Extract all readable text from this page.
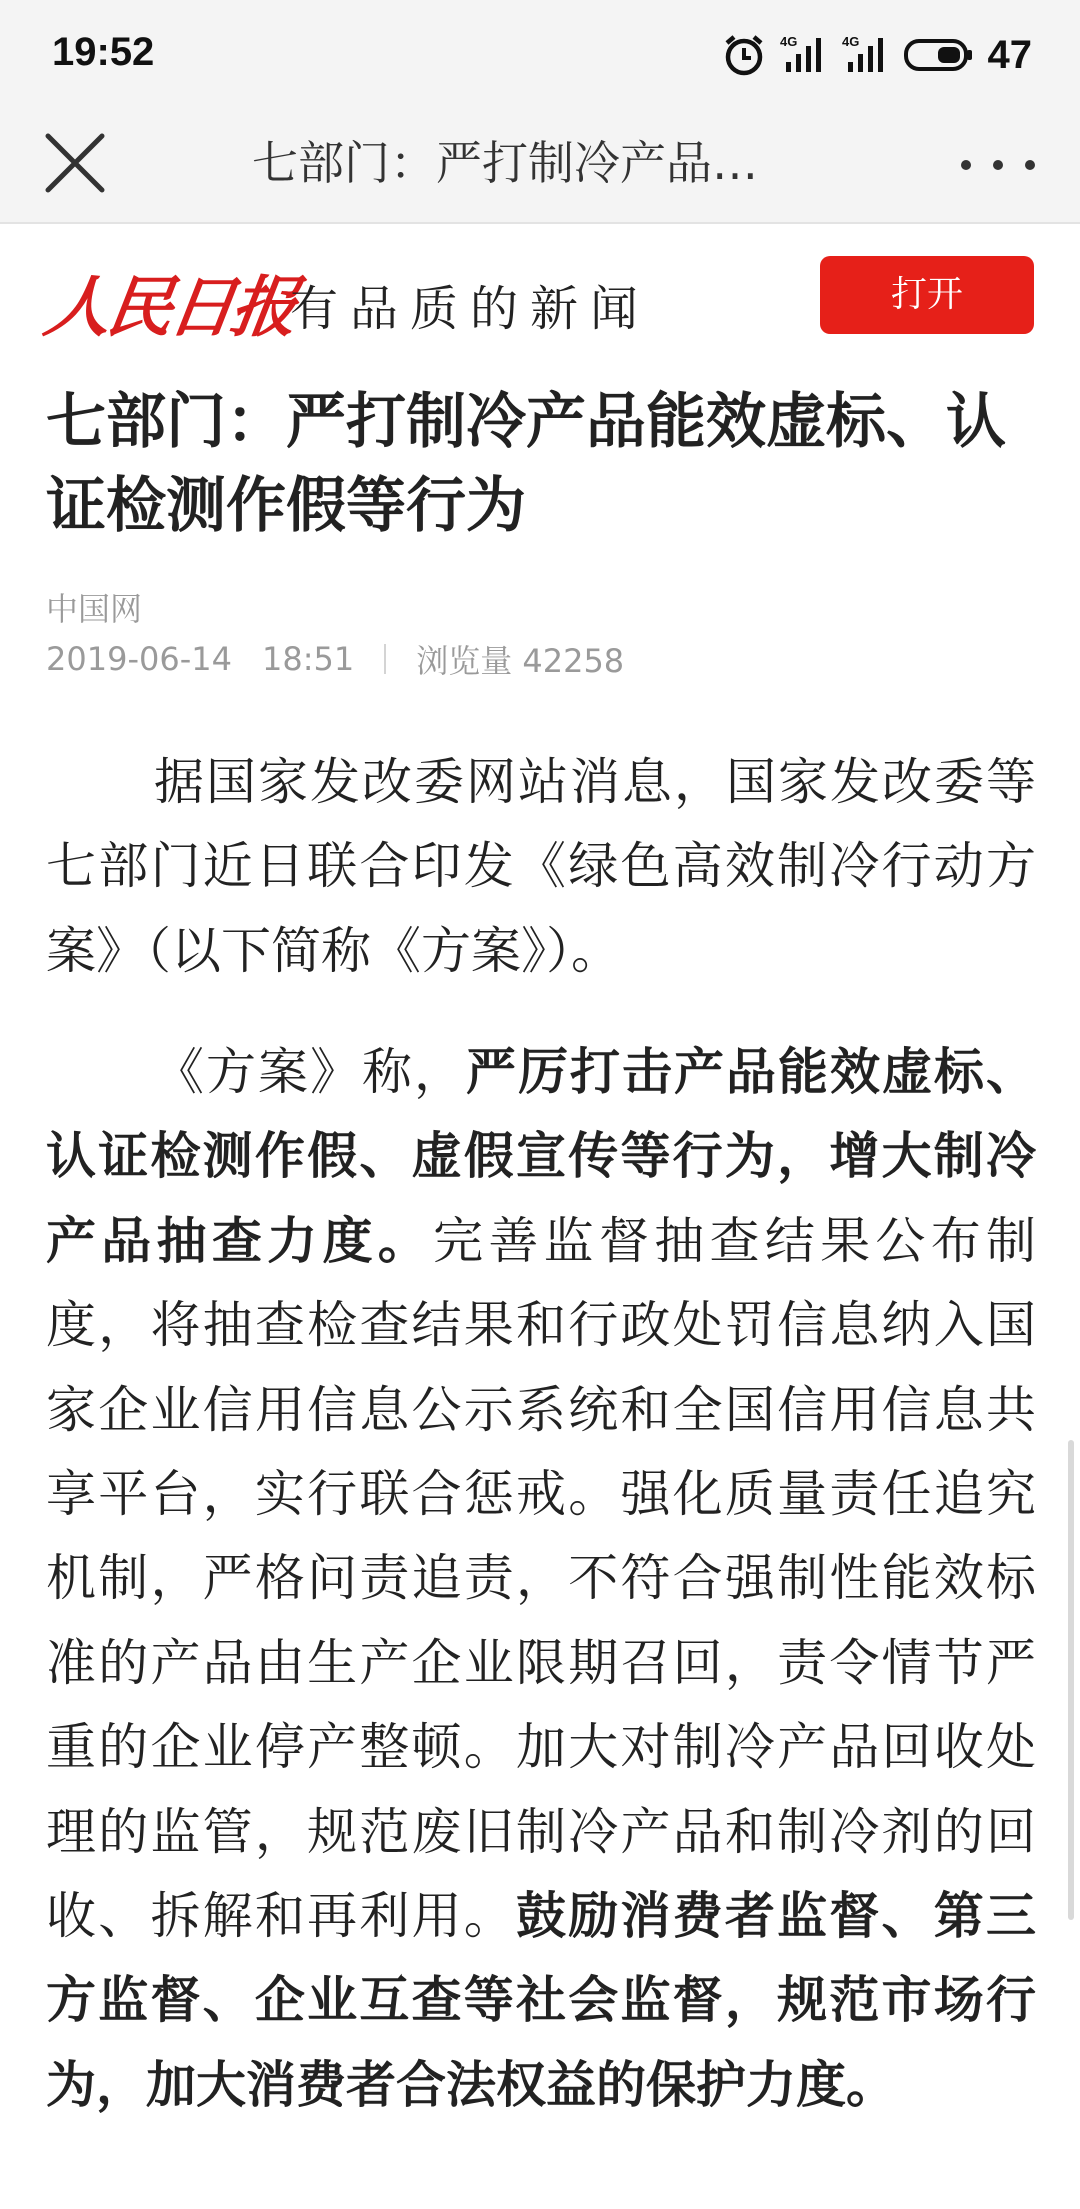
19:52	4G	4G	47
七部门：严打制冷产品…
人民日报
有品质的新闻	打开
七部门：严打制冷产品能效虚标、认证检测作假等行为
中国网
2019-06-14 18:51 浏览量 42258
据国家发改委网站消息，国家发改委等七部门近日联合印发《绿色高效制冷行动方案》（以下简称《方案》）。
《方案》称，严厉打击产品能效虚标、认证检测作假、虚假宣传等行为，增大制冷产品抽查力度。完善监督抽查结果公布制度，将抽查检查结果和行政处罚信息纳入国家企业信用信息公示系统和全国信用信息共享平台，实行联合惩戒。强化质量责任追究机制，严格问责追责，不符合强制性能效标准的产品由生产企业限期召回，责令情节严重的企业停产整顿。加大对制冷产品回收处理的监管，规范废旧制冷产品和制冷剂的回收、拆解和再利用。鼓励消费者监督、第三方监督、企业互查等社会监督，规范市场行为，加大消费者合法权益的保护力度。
